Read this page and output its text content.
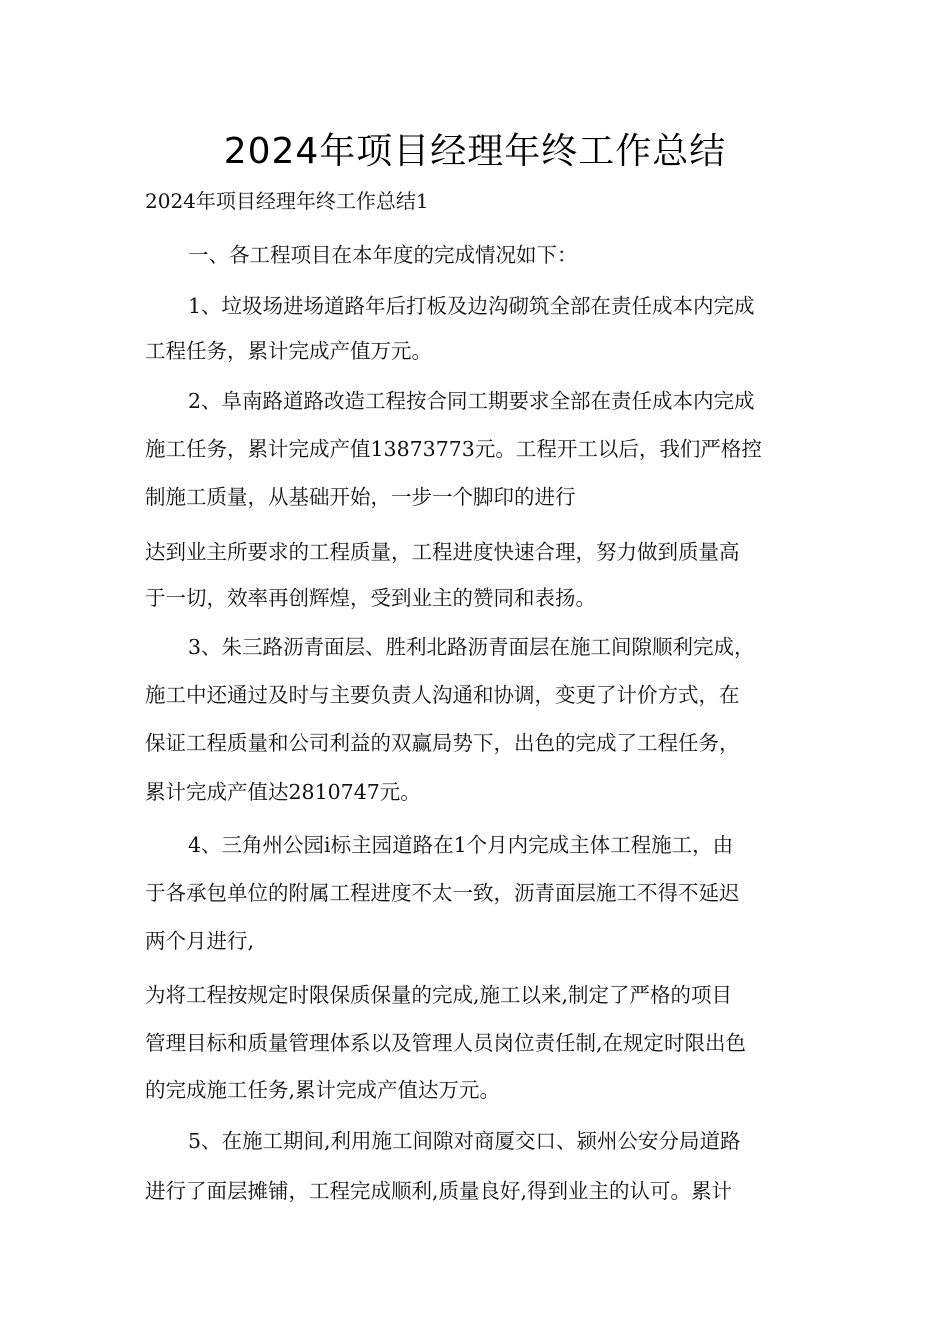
2024年项目经理年终工作总结
2024年项目经理年终工作总结1
一、各工程项目在本年度的完成情况如下：
1、垃圾场进场道路年后打板及边沟砌筑全部在责任成本内完成
工程任务，累计完成产值万元。
2、阜南路道路改造工程按合同工期要求全部在责任成本内完成
施工任务，累计完成产值13873773元。工程开工以后，我们严格控
制施工质量，从基础开始，一步一个脚印的进行
达到业主所要求的工程质量，工程进度快速合理，努力做到质量高
于一切，效率再创辉煌，受到业主的赞同和表扬。
3、朱三路沥青面层、胜利北路沥青面层在施工间隙顺利完成，
施工中还通过及时与主要负责人沟通和协调，变更了计价方式，在
保证工程质量和公司利益的双赢局势下，出色的完成了工程任务，
累计完成产值达2810747元。
4、三角州公园i标主园道路在1个月内完成主体工程施工，由
于各承包单位的附属工程进度不太一致，沥青面层施工不得不延迟
两个月进行,
为将工程按规定时限保质保量的完成,施工以来,制定了严格的项目
管理目标和质量管理体系以及管理人员岗位责任制,在规定时限出色
的完成施工任务,累计完成产值达万元。
5、在施工期间,利用施工间隙对商厦交口、颍州公安分局道路
进行了面层摊铺，工程完成顺利,质量良好,得到业主的认可。累计
